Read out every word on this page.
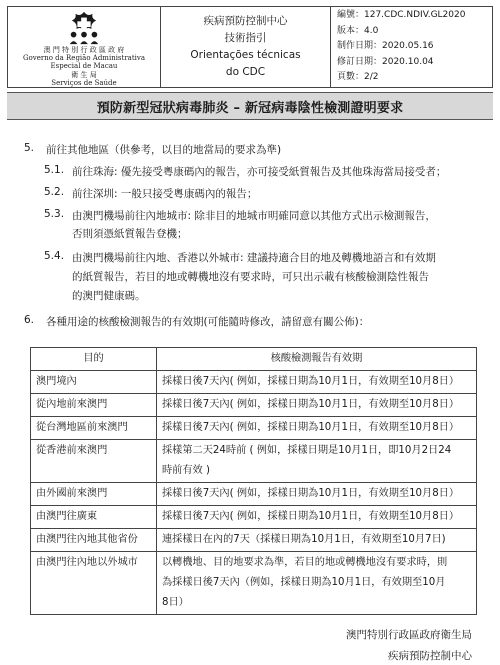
澳 門 特 別 行 政 區 政 府
Governo da Região Administrativa
Especial de Macau
衛 生 局
Serviços de Saúde
疾病預防控制中心
技術指引
Orientações técnicas
do CDC
編號：127.CDC.NDIV.GL2020
版本：4.0
制作日期：2020.05.16
修訂日期：2020.10.04
頁數：2/2
預防新型冠狀病毒肺炎 – 新冠病毒陰性檢測證明要求
5. 前往其他地區（供參考，以目的地當局的要求為準)
5.1. 前往珠海: 優先接受粵康碼內的報告，亦可接受紙質報告及其他珠海當局接受者；
5.2. 前往深圳: 一般只接受粵康碼內的報告；
5.3. 由澳門機場前往內地城市: 除非目的地城市明確同意以其他方式出示檢測報告，
否則須憑紙質報告登機；
5.4. 由澳門機場前往內地、香港以外城市: 建議持適合目的地及轉機地語言和有效期
的紙質報告，若目的地或轉機地沒有要求時，可只出示載有核酸檢測陰性報告
的澳門健康碼。
6. 各種用途的核酸檢測報告的有效期(可能隨時修改，請留意有關公佈)：
目的	核酸檢測報告有效期
澳門境內	採樣日後7天內( 例如，採樣日期為10月1日，有效期至10月8日）

從內地前來澳門	採樣日後7天內( 例如，採樣日期為10月1日，有效期至10月8日）

從台灣地區前來澳門	採樣日後7天內( 例如，採樣日期為10月1日，有效期至10月8日）

從香港前來澳門	採樣第二天24時前 ( 例如，採樣日期是10月1日，即10月2日24
時前有效 )

由外國前來澳門	採樣日後7天內( 例如，採樣日期為10月1日，有效期至10月8日）

由澳門往廣東	採樣日後7天內( 例如，採樣日期為10月1日，有效期至10月8日）

由澳門往內地其他省份	連採樣日在內的7天（採樣日期為10月1日，有效期至10月7日)

由澳門往內地以外城市	以轉機地、目的地要求為準，若目的地或轉機地沒有要求時，則
為採樣日後7天內（例如，採樣日期為10月1日，有效期至10月
8日）
澳門特別行政區政府衛生局
疾病預防控制中心
